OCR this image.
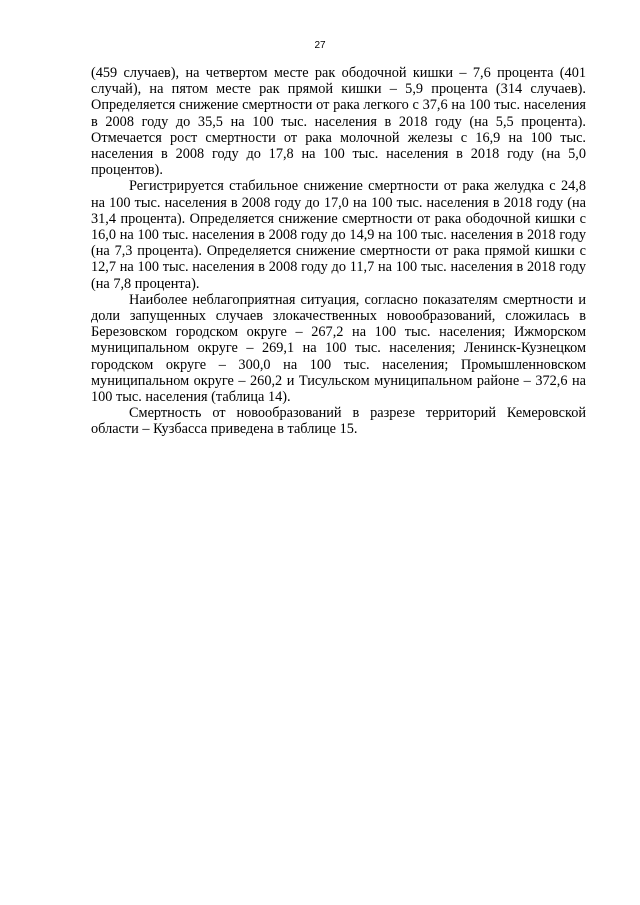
27

(459 случаев), на четвертом месте рак ободочной кишки – 7,6 процента (401 случай), на пятом месте рак прямой кишки – 5,9 процента (314 случаев). Определяется снижение смертности от рака легкого с 37,6 на 100 тыс. населения в 2008 году до 35,5 на 100 тыс. населения в 2018 году (на 5,5 процента). Отмечается рост смертности от рака молочной железы с 16,9 на 100 тыс. населения в 2008 году до 17,8 на 100 тыс. населения в 2018 году (на 5,0 процентов).

Регистрируется стабильное снижение смертности от рака желудка с 24,8 на 100 тыс. населения в 2008 году до 17,0 на 100 тыс. населения в 2018 году (на 31,4 процента). Определяется снижение смертности от рака ободочной кишки с 16,0 на 100 тыс. населения в 2008 году до 14,9 на 100 тыс. населения в 2018 году (на 7,3 процента). Определяется снижение смертности от рака прямой кишки с 12,7 на 100 тыс. населения в 2008 году до 11,7 на 100 тыс. населения в 2018 году (на 7,8 процента).

Наиболее неблагоприятная ситуация, согласно показателям смертности и доли запущенных случаев злокачественных новообразований, сложилась в Березовском городском округе – 267,2 на 100 тыс. населения; Ижморском муниципальном округе – 269,1 на 100 тыс. населения; Ленинск-Кузнецком городском округе – 300,0 на 100 тыс. населения; Промышленновском муниципальном округе – 260,2 и Тисульском муниципальном районе – 372,6 на 100 тыс. населения (таблица 14).

Смертность от новообразований в разрезе территорий Кемеровской области – Кузбасса приведена в таблице 15.
